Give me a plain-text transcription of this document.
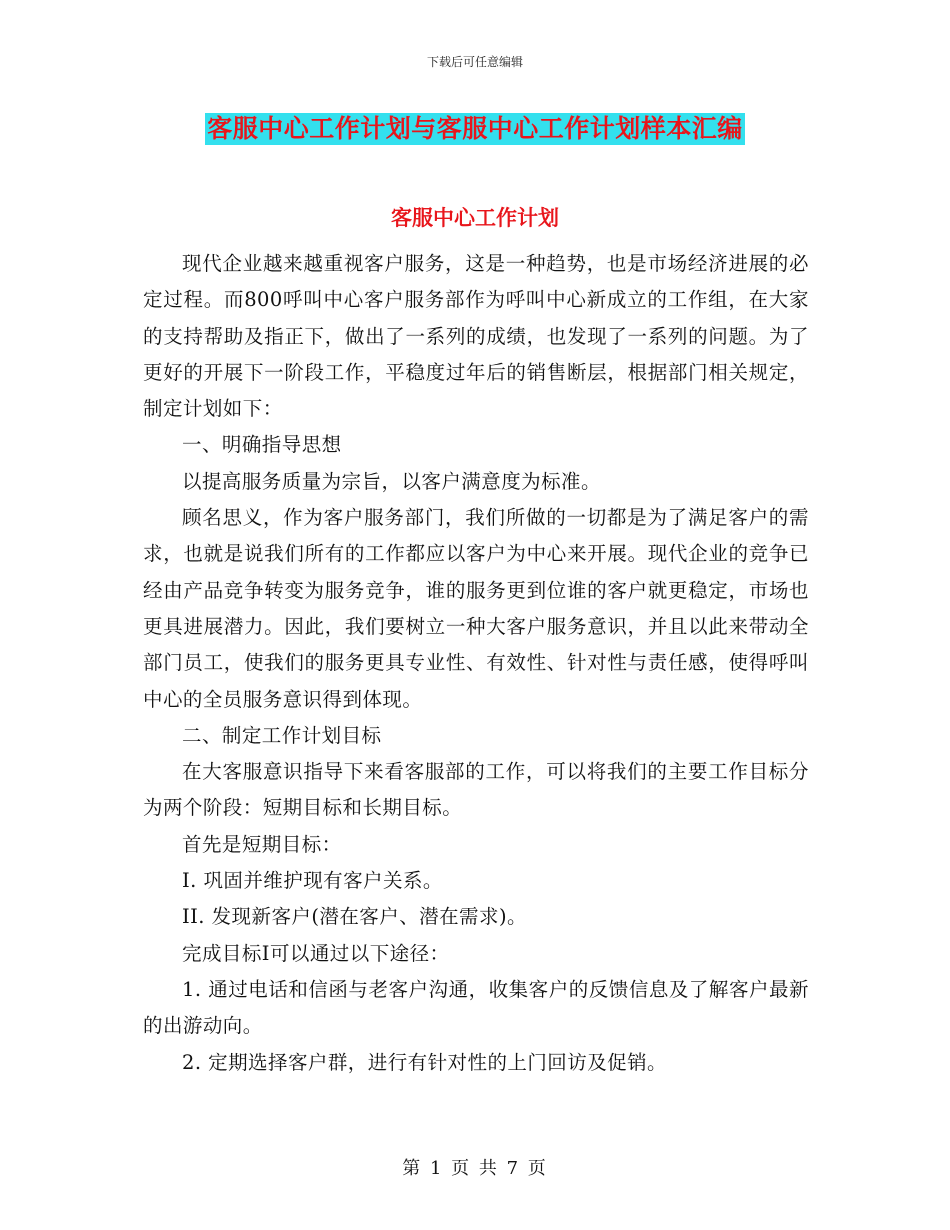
下载后可任意编辑
客服中心工作计划与客服中心工作计划样本汇编
客服中心工作计划

现代企业越来越重视客户服务，这是一种趋势，也是市场经济进展的必定过程。而800呼叫中心客户服务部作为呼叫中心新成立的工作组，在大家的支持帮助及指正下，做出了一系列的成绩，也发现了一系列的问题。为了更好的开展下一阶段工作，平稳度过年后的销售断层，根据部门相关规定，制定计划如下：

一、明确指导思想

以提高服务质量为宗旨，以客户满意度为标准。

顾名思义，作为客户服务部门，我们所做的一切都是为了满足客户的需求，也就是说我们所有的工作都应以客户为中心来开展。现代企业的竞争已经由产品竞争转变为服务竞争，谁的服务更到位谁的客户就更稳定，市场也更具进展潜力。因此，我们要树立一种大客户服务意识，并且以此来带动全部门员工，使我们的服务更具专业性、有效性、针对性与责任感，使得呼叫中心的全员服务意识得到体现。

二、制定工作计划目标

在大客服意识指导下来看客服部的工作，可以将我们的主要工作目标分为两个阶段：短期目标和长期目标。

首先是短期目标：

I. 巩固并维护现有客户关系。

II. 发现新客户(潜在客户、潜在需求)。

完成目标I可以通过以下途径：

1. 通过电话和信函与老客户沟通，收集客户的反馈信息及了解客户最新的出游动向。

2. 定期选择客户群，进行有针对性的上门回访及促销。

第 1 页 共 7 页
